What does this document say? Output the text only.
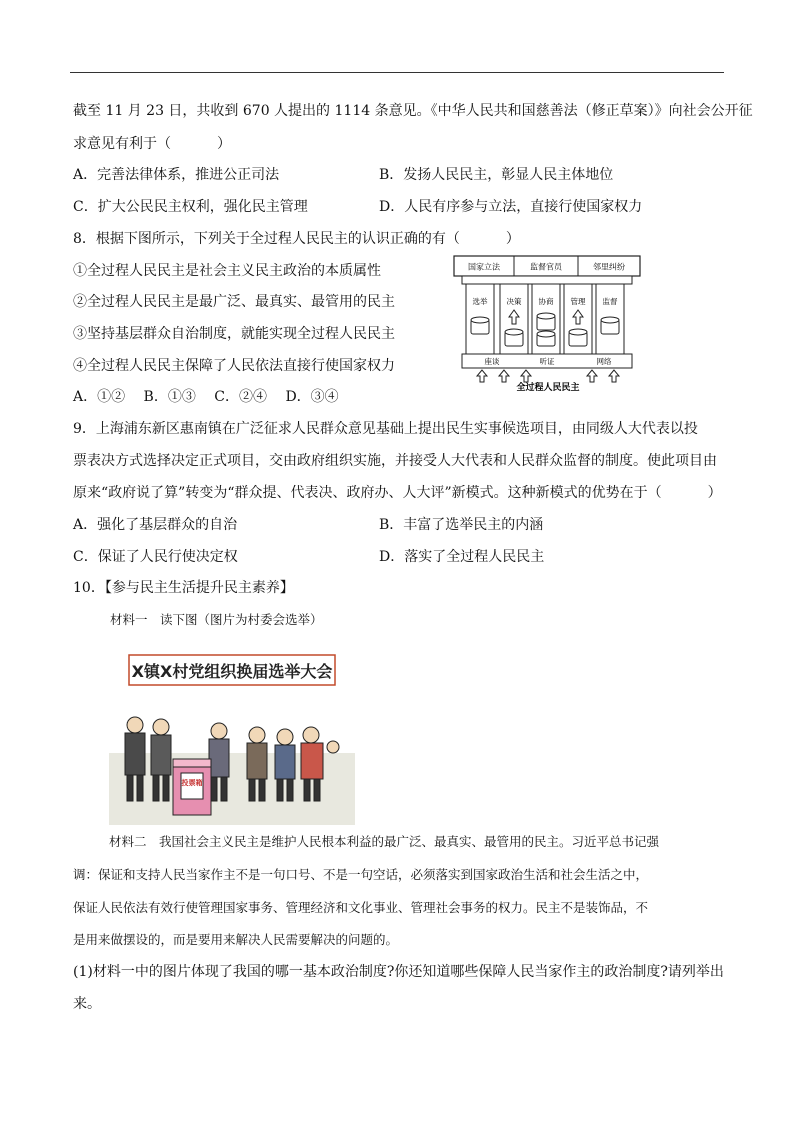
截至 11 月 23 日，共收到 670 人提出的 1114 条意见。《中华人民共和国慈善法（修正草案）》向社会公开征
求意见有利于（	）
A．完善法律体系，推进公正司法	B．发扬人民民主，彰显人民主体地位
C．扩大公民民主权利，强化民主管理	D．人民有序参与立法，直接行使国家权力
8．根据下图所示，下列关于全过程人民民主的认识正确的有（	）
①全过程人民民主是社会主义民主政治的本质属性
②全过程人民民主是最广泛、最真实、最管用的民主
③坚持基层群众自治制度，就能实现全过程人民民主
④全过程人民民主保障了人民依法直接行使国家权力
A．①②　 B．①③　 C．②④　 D．③④
国家立法	监督官员	邻里纠纷
选举	决策 协商 管理 监督
座谈	听证	网络
全过程人民民主
9．上海浦东新区惠南镇在广泛征求人民群众意见基础上提出民生实事候选项目，由同级人大代表以投
票表决方式选择决定正式项目，交由政府组织实施，并接受人大代表和人民群众监督的制度。使此项目由
原来“政府说了算”转变为“群众提、代表决、政府办、人大评”新模式。这种新模式的优势在于（	）
A．强化了基层群众的自治	B．丰富了选举民主的内涵
C．保证了人民行使决定权	D．落实了全过程人民民主
10．【参与民主生活提升民主素养】
材料一　读下图（图片为村委会选举）
X镇X村党组织换届选举大会
投票箱
材料二　我国社会主义民主是维护人民根本利益的最广泛、最真实、最管用的民主。习近平总书记强
调：保证和支持人民当家作主不是一句口号、不是一句空话，必须落实到国家政治生活和社会生活之中，
保证人民依法有效行使管理国家事务、管理经济和文化事业、管理社会事务的权力。民主不是装饰品，不
是用来做摆设的，而是要用来解决人民需要解决的问题的。
(1)材料一中的图片体现了我国的哪一基本政治制度?你还知道哪些保障人民当家作主的政治制度?请列举出
来。
